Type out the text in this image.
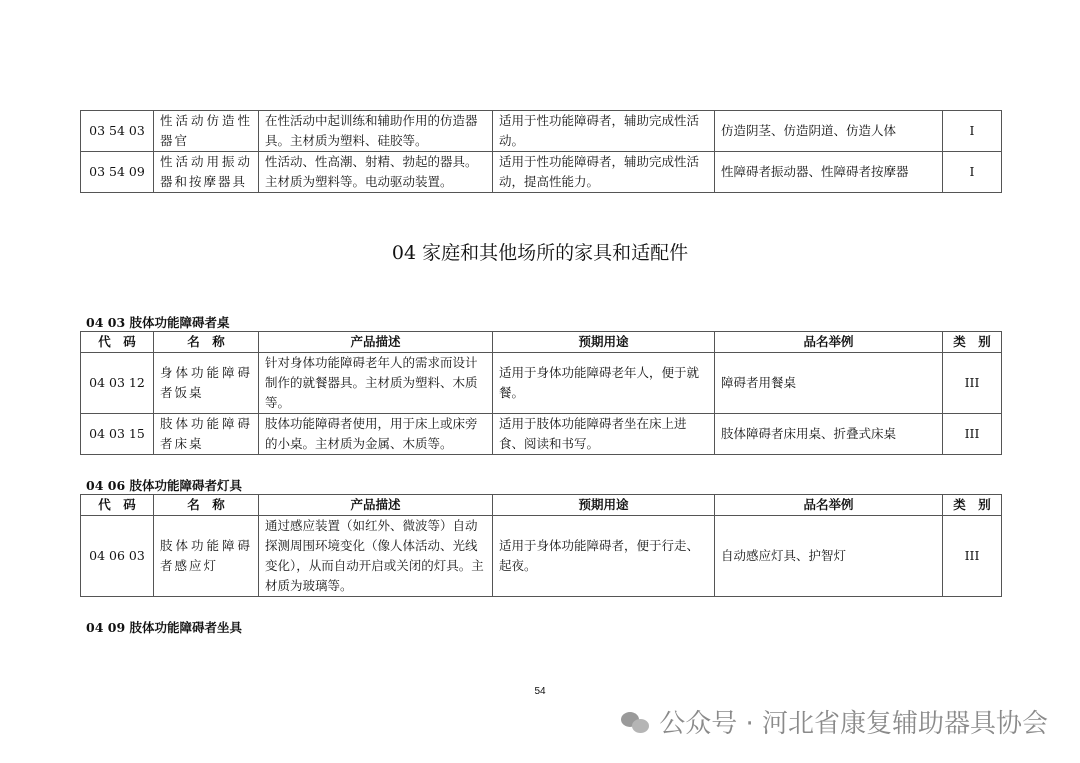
03 54 03	性活动仿造性器官	在性活动中起训练和辅助作用的仿造器具。主材质为塑料、硅胶等。	适用于性功能障碍者，辅助完成性活动。	仿造阴茎、仿造阴道、仿造人体	I
03 54 09	性活动用振动器和按摩器具	性活动、性高潮、射精、勃起的器具。主材质为塑料等。电动驱动装置。	适用于性功能障碍者，辅助完成性活动，提高性能力。	性障碍者振动器、性障碍者按摩器	I
04 家庭和其他场所的家具和适配件
04 03 肢体功能障碍者桌
代　码	名　称	产品描述	预期用途	品名举例	类　别
04 03 12	身体功能障碍者饭桌	针对身体功能障碍老年人的需求而设计制作的就餐器具。主材质为塑料、木质等。	适用于身体功能障碍老年人，便于就餐。	障碍者用餐桌	III
04 03 15	肢体功能障碍者床桌	肢体功能障碍者使用，用于床上或床旁的小桌。主材质为金属、木质等。	适用于肢体功能障碍者坐在床上进食、阅读和书写。	肢体障碍者床用桌、折叠式床桌	III
04 06 肢体功能障碍者灯具
代　码	名　称	产品描述	预期用途	品名举例	类　别
04 06 03	肢体功能障碍者感应灯	通过感应装置（如红外、微波等）自动探测周围环境变化（像人体活动、光线变化），从而自动开启或关闭的灯具。主材质为玻璃等。	适用于身体功能障碍者，便于行走、起夜。	自动感应灯具、护智灯	III
04 09 肢体功能障碍者坐具
54
公众号 · 河北省康复辅助器具协会
